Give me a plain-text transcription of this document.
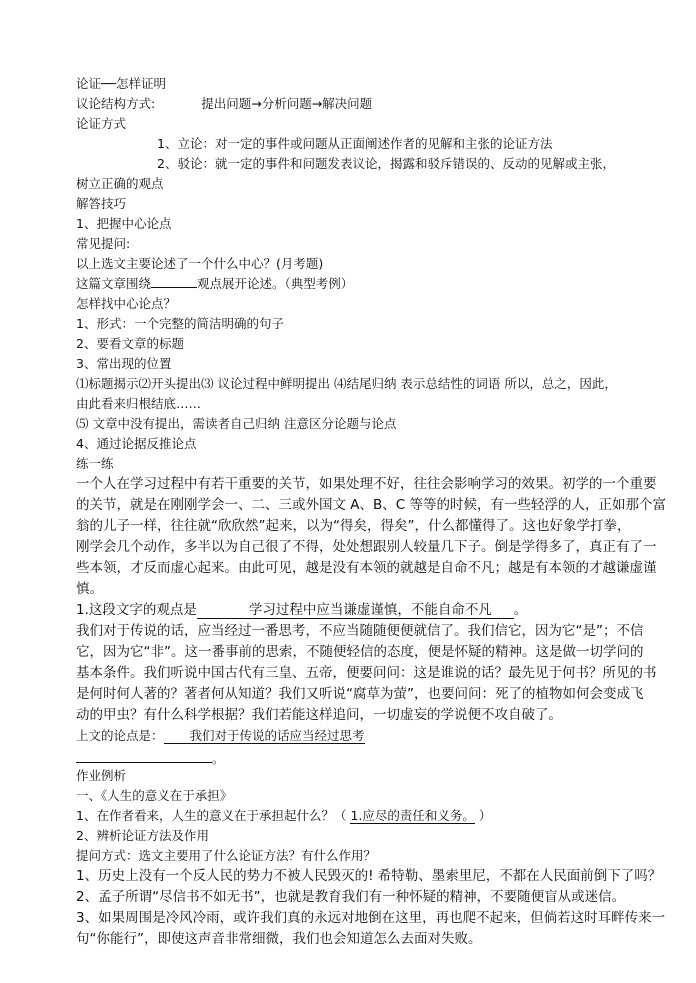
论证──怎样证明
议论结构方式:	提出问题→分析问题→解决问题
论证方式
1、立论：对一定的事件或问题从正面阐述作者的见解和主张的论证方法
2、驳论：就一定的事件和问题发表议论，揭露和驳斥错误的、反动的见解或主张，
树立正确的观点
解答技巧
1、把握中心论点
常见提问:
以上选文主要论述了一个什么中心？(月考题)
这篇文章围绕	观点展开论述。（典型考例）
怎样找中心论点？
1、形式：一个完整的简洁明确的句子
2、要看文章的标题
3、常出现的位置
⑴标题揭示⑵开头提出⑶ 议论过程中鲜明提出 ⑷结尾归纳 表示总结性的词语 所以，总之，因此，
由此看来归根结底……
⑸ 文章中没有提出，需读者自己归纳 注意区分论题与论点
4、通过论据反推论点
练一练
一个人在学习过程中有若干重要的关节，如果处理不好，往往会影响学习的效果。初学的一个重要
的关节，就是在刚刚学会一、二、三或外国文 A、B、C 等等的时候，有一些轻浮的人，正如那个富
翁的儿子一样，往往就“欣欣然”起来，以为“得矣，得矣”，什么都懂得了。这也好象学打拳，
刚学会几个动作，多半以为自己很了不得，处处想跟别人较量几下子。倒是学得多了，真正有了一
些本领，才反而虚心起来。由此可见，越是没有本领的就越是自命不凡；越是有本领的才越谦虚谨
慎。
1.这段文字的观点是	学习过程中应当谦虚谨慎，不能自命不凡 。
我们对于传说的话，应当经过一番思考，不应当随随便便就信了。我们信它，因为它“是”；不信
它，因为它“非”。这一番事前的思索，不随便轻信的态度，便是怀疑的精神。这是做一切学问的
基本条件。我们听说中国古代有三皇、五帝，便要问问：这是谁说的话？最先见于何书？所见的书
是何时何人著的？著者何从知道？我们又听说“腐草为萤”，也要问问：死了的植物如何会变成飞
动的甲虫？有什么科学根据？我们若能这样追问，一切虚妄的学说便不攻自破了。
上文的论点是： 我们对于传说的话应当经过思考
。
作业例析
一、《人生的意义在于承担》
1、在作者看来，人生的意义在于承担起什么？（ 1.应尽的责任和义务。 ）
2、辨析论证方法及作用
提问方式：选文主要用了什么论证方法？有什么作用？
1、历史上没有一个反人民的势力不被人民毁灭的! 希特勒、墨索里尼，不都在人民面前倒下了吗？
2、孟子所谓“尽信书不如无书”，也就是教育我们有一种怀疑的精神，不要随便盲从或迷信。
3、如果周围是冷风冷雨，或许我们真的永远对地倒在这里，再也爬不起来，但倘若这时耳畔传来一
句“你能行”，即使这声音非常细微，我们也会知道怎么去面对失败。
